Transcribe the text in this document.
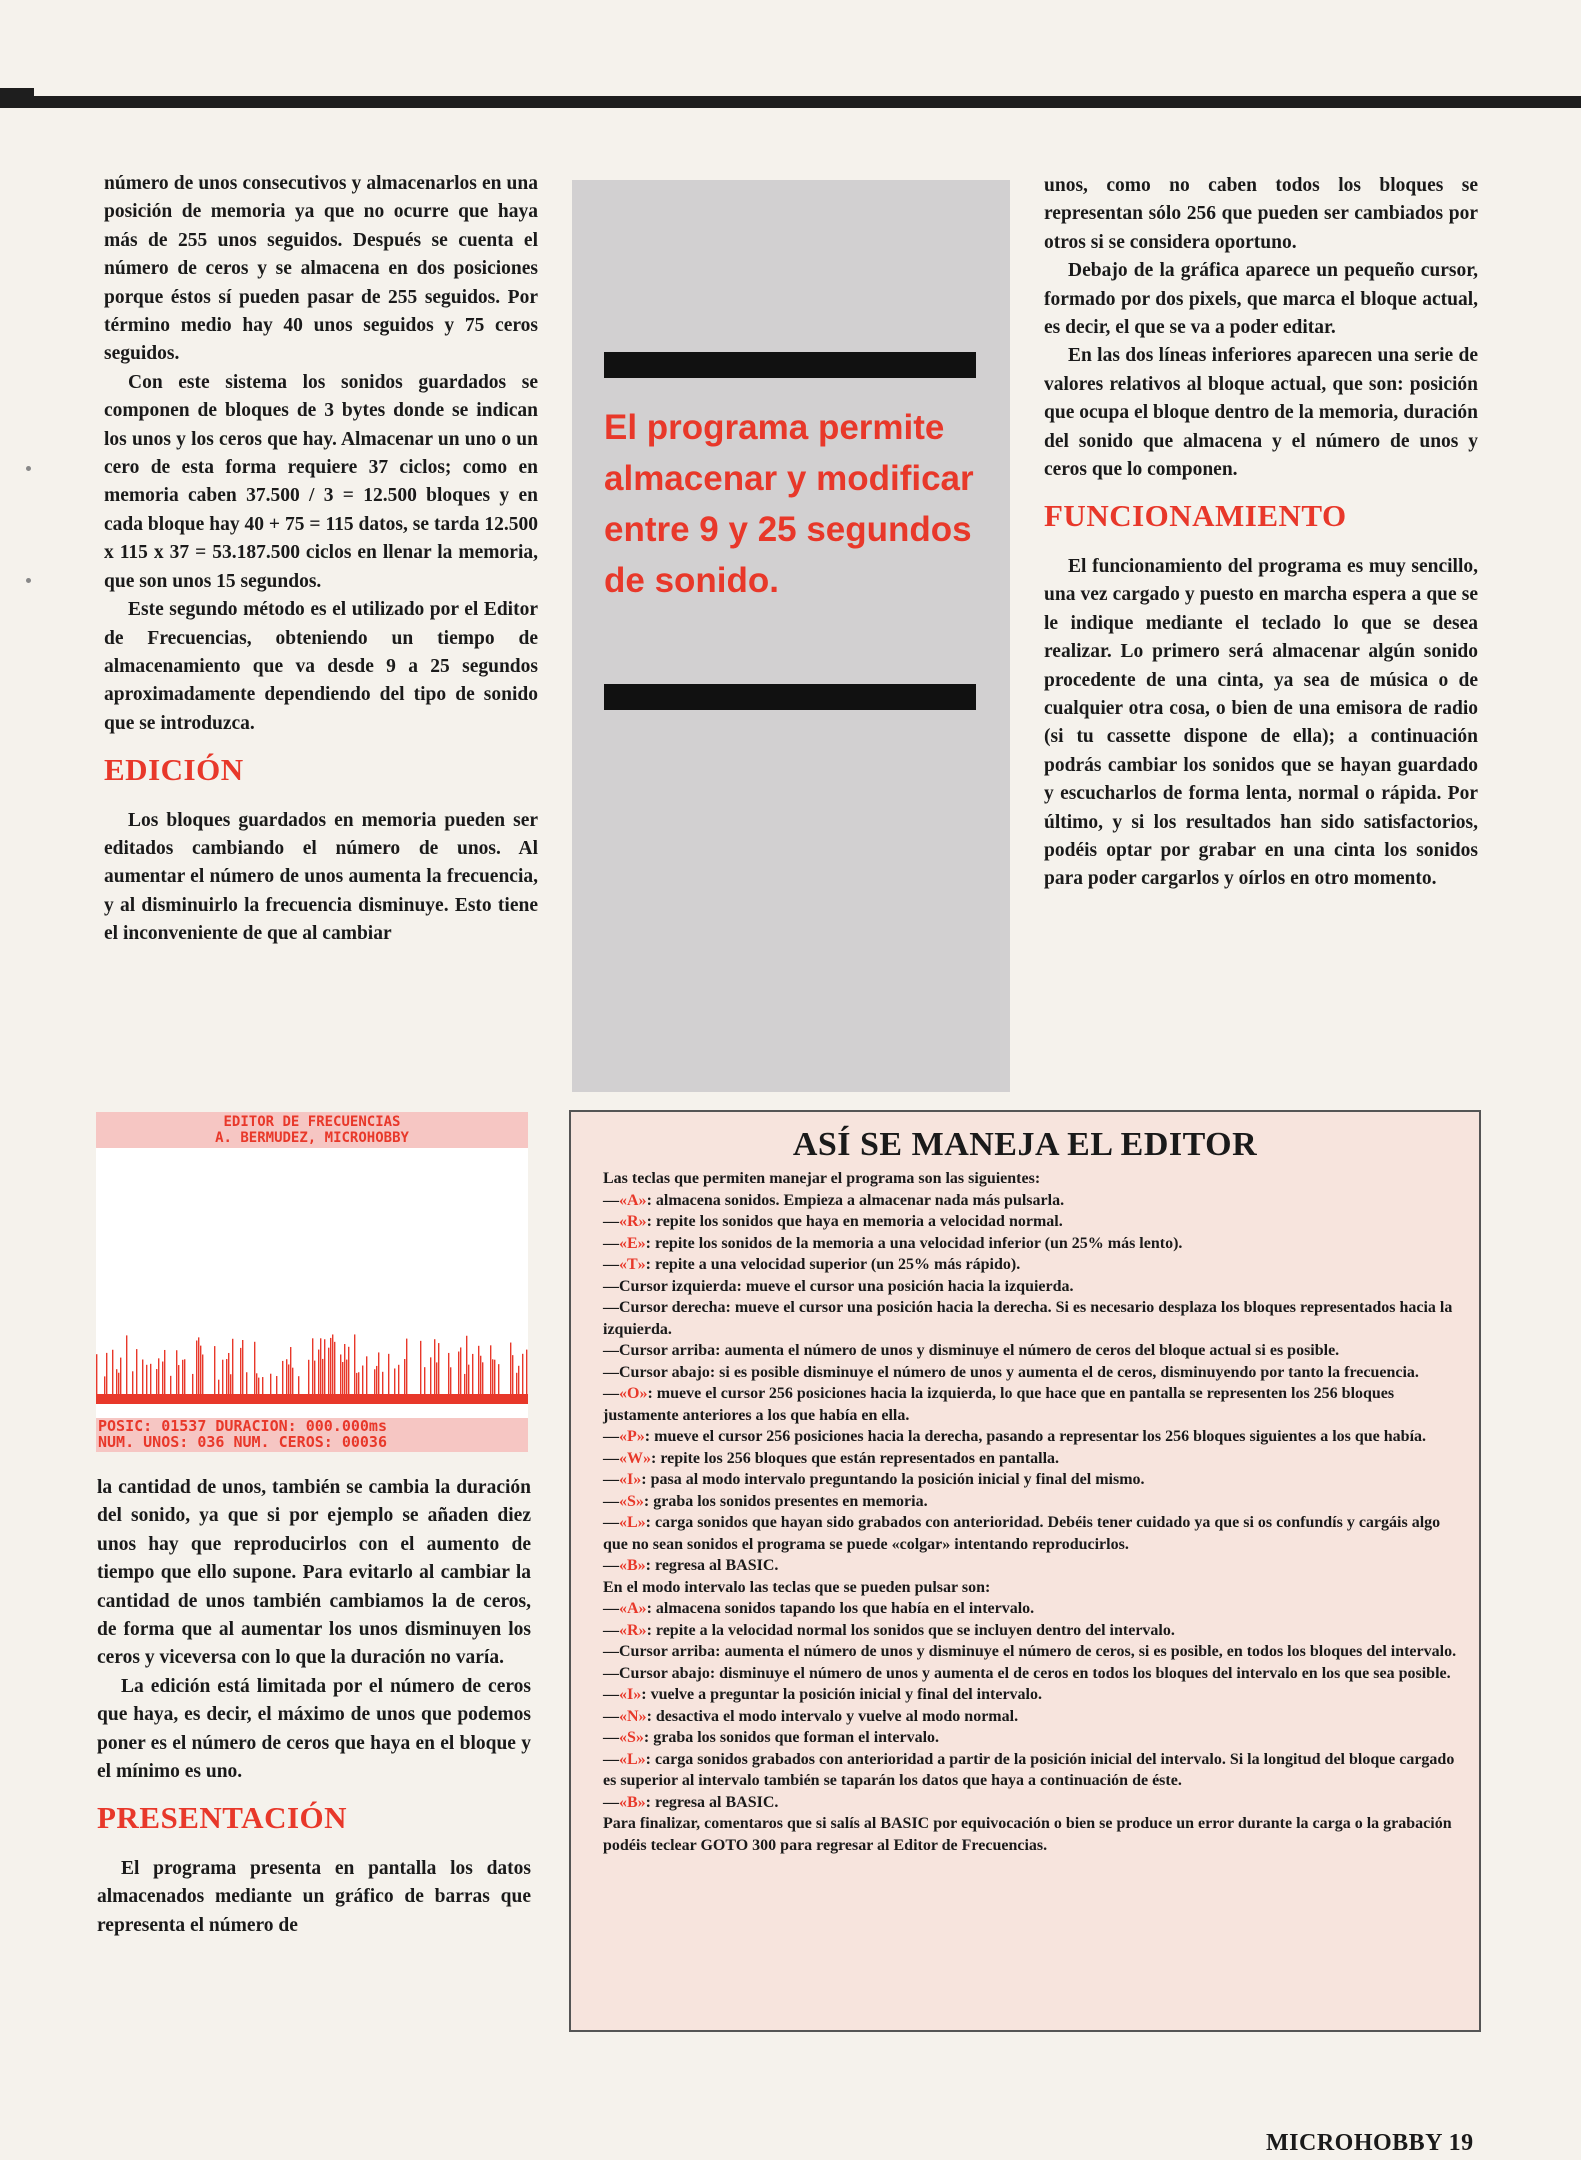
número de unos consecutivos y almacenarlos en una posición de memoria ya que no ocurre que haya más de 255 unos seguidos. Después se cuenta el número de ceros y se almacena en dos posiciones porque éstos sí pueden pasar de 255 seguidos. Por término medio hay 40 unos seguidos y 75 ceros seguidos.

Con este sistema los sonidos guardados se componen de bloques de 3 bytes donde se indican los unos y los ceros que hay. Almacenar un uno o un cero de esta forma requiere 37 ciclos; como en memoria caben 37.500 / 3 = 12.500 bloques y en cada bloque hay 40 + 75 = 115 datos, se tarda 12.500 x 115 x 37 = 53.187.500 ciclos en llenar la memoria, que son unos 15 segundos.

Este segundo método es el utilizado por el Editor de Frecuencias, obteniendo un tiempo de almacenamiento que va desde 9 a 25 segundos aproximadamente dependiendo del tipo de sonido que se introduzca.

EDICIÓN

Los bloques guardados en memoria pueden ser editados cambiando el número de unos. Al aumentar el número de unos aumenta la frecuencia, y al disminuirlo la frecuencia disminuye. Esto tiene el inconveniente de que al cambiar

El programa permite almacenar y modificar entre 9 y 25 segundos de sonido.

unos, como no caben todos los bloques se representan sólo 256 que pueden ser cambiados por otros si se considera oportuno.

Debajo de la gráfica aparece un pequeño cursor, formado por dos pixels, que marca el bloque actual, es decir, el que se va a poder editar.

En las dos líneas inferiores aparecen una serie de valores relativos al bloque actual, que son: posición que ocupa el bloque dentro de la memoria, duración del sonido que almacena y el número de unos y ceros que lo componen.

FUNCIONAMIENTO

El funcionamiento del programa es muy sencillo, una vez cargado y puesto en marcha espera a que se le indique mediante el teclado lo que se desea realizar. Lo primero será almacenar algún sonido procedente de una cinta, ya sea de música o de cualquier otra cosa, o bien de una emisora de radio (si tu cassette dispone de ella); a continuación podrás cambiar los sonidos que se hayan guardado y escucharlos de forma lenta, normal o rápida. Por último, y si los resultados han sido satisfactorios, podéis optar por grabar en una cinta los sonidos para poder cargarlos y oírlos en otro momento.

EDITOR DE FRECUENCIAS
A. BERMUDEZ, MICROHOBBY
POSIC: 01537 DURACION: 000.000ms
NUM. UNOS: 036 NUM. CEROS: 00036

la cantidad de unos, también se cambia la duración del sonido, ya que si por ejemplo se añaden diez unos hay que reproducirlos con el aumento de tiempo que ello supone. Para evitarlo al cambiar la cantidad de unos también cambiamos la de ceros, de forma que al aumentar los unos disminuyen los ceros y viceversa con lo que la duración no varía.

La edición está limitada por el número de ceros que haya, es decir, el máximo de unos que podemos poner es el número de ceros que haya en el bloque y el mínimo es uno.

PRESENTACIÓN

El programa presenta en pantalla los datos almacenados mediante un gráfico de barras que representa el número de

ASÍ SE MANEJA EL EDITOR
Las teclas que permiten manejar el programa son las siguientes:
—«A»: almacena sonidos. Empieza a almacenar nada más pulsarla.
—«R»: repite los sonidos que haya en memoria a velocidad normal.
—«E»: repite los sonidos de la memoria a una velocidad inferior (un 25% más lento).
—«T»: repite a una velocidad superior (un 25% más rápido).
—Cursor izquierda: mueve el cursor una posición hacia la izquierda.
—Cursor derecha: mueve el cursor una posición hacia la derecha. Si es necesario desplaza los bloques representados hacia la izquierda.
—Cursor arriba: aumenta el número de unos y disminuye el número de ceros del bloque actual si es posible.
—Cursor abajo: si es posible disminuye el número de unos y aumenta el de ceros, disminuyendo por tanto la frecuencia.
—«O»: mueve el cursor 256 posiciones hacia la izquierda, lo que hace que en pantalla se representen los 256 bloques justamente anteriores a los que había en ella.
—«P»: mueve el cursor 256 posiciones hacia la derecha, pasando a representar los 256 bloques siguientes a los que había.
—«W»: repite los 256 bloques que están representados en pantalla.
—«I»: pasa al modo intervalo preguntando la posición inicial y final del mismo.
—«S»: graba los sonidos presentes en memoria.
—«L»: carga sonidos que hayan sido grabados con anterioridad. Debéis tener cuidado ya que si os confundís y cargáis algo que no sean sonidos el programa se puede «colgar» intentando reproducirlos.
—«B»: regresa al BASIC.
En el modo intervalo las teclas que se pueden pulsar son:
—«A»: almacena sonidos tapando los que había en el intervalo.
—«R»: repite a la velocidad normal los sonidos que se incluyen dentro del intervalo.
—Cursor arriba: aumenta el número de unos y disminuye el número de ceros, si es posible, en todos los bloques del intervalo.
—Cursor abajo: disminuye el número de unos y aumenta el de ceros en todos los bloques del intervalo en los que sea posible.
—«I»: vuelve a preguntar la posición inicial y final del intervalo.
—«N»: desactiva el modo intervalo y vuelve al modo normal.
—«S»: graba los sonidos que forman el intervalo.
—«L»: carga sonidos grabados con anterioridad a partir de la posición inicial del intervalo. Si la longitud del bloque cargado es superior al intervalo también se taparán los datos que haya a continuación de éste.
—«B»: regresa al BASIC.
Para finalizar, comentaros que si salís al BASIC por equivocación o bien se produce un error durante la carga o la grabación podéis teclear GOTO 300 para regresar al Editor de Frecuencias.
MICROHOBBY 19
